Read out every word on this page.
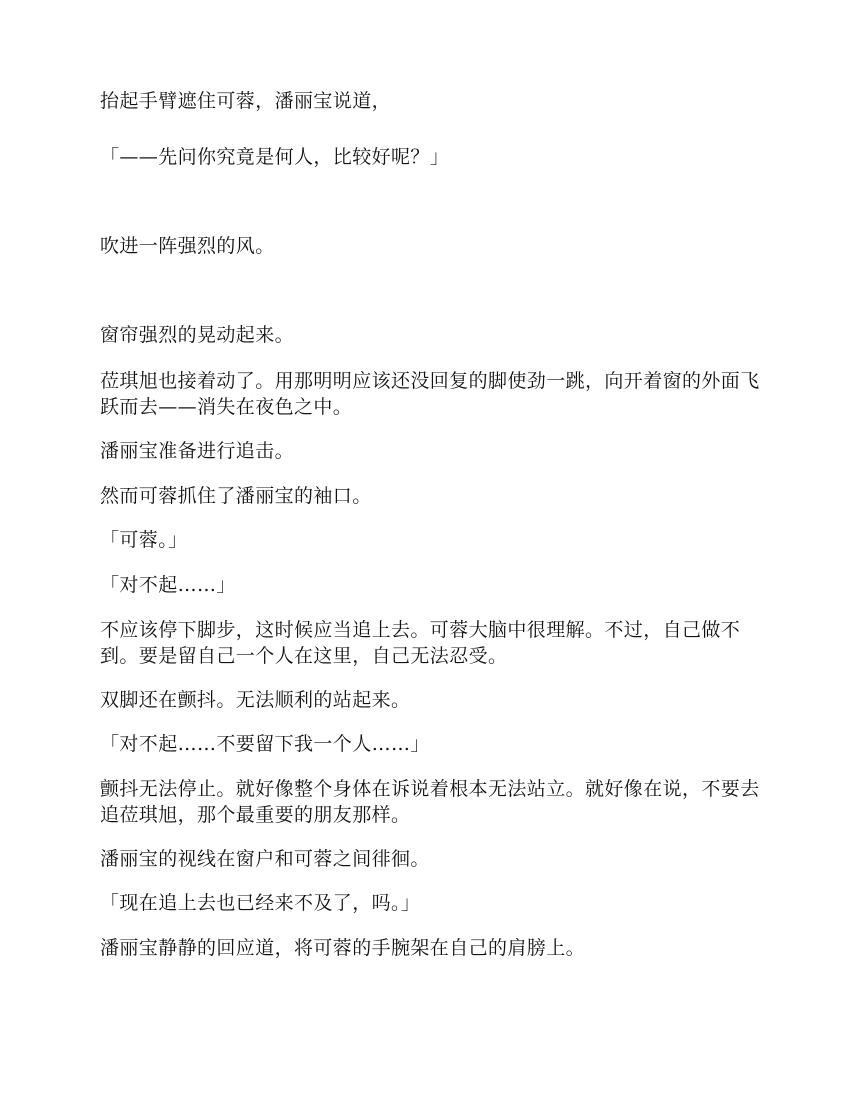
抬起手臂遮住可蓉，潘丽宝说道，

「——先问你究竟是何人，比较好呢？」

吹进一阵强烈的风。

窗帘强烈的晃动起来。

莅琪旭也接着动了。用那明明应该还没回复的脚使劲一跳，向开着窗的外面飞跃而去——消失在夜色之中。

潘丽宝准备进行追击。

然而可蓉抓住了潘丽宝的袖口。

「可蓉。」

「对不起……」

不应该停下脚步，这时候应当追上去。可蓉大脑中很理解。不过，自己做不到。要是留自己一个人在这里，自己无法忍受。

双脚还在颤抖。无法顺利的站起来。

「对不起……不要留下我一个人……」

颤抖无法停止。就好像整个身体在诉说着根本无法站立。就好像在说，不要去追莅琪旭，那个最重要的朋友那样。

潘丽宝的视线在窗户和可蓉之间徘徊。

「现在追上去也已经来不及了，吗。」

潘丽宝静静的回应道，将可蓉的手腕架在自己的肩膀上。
